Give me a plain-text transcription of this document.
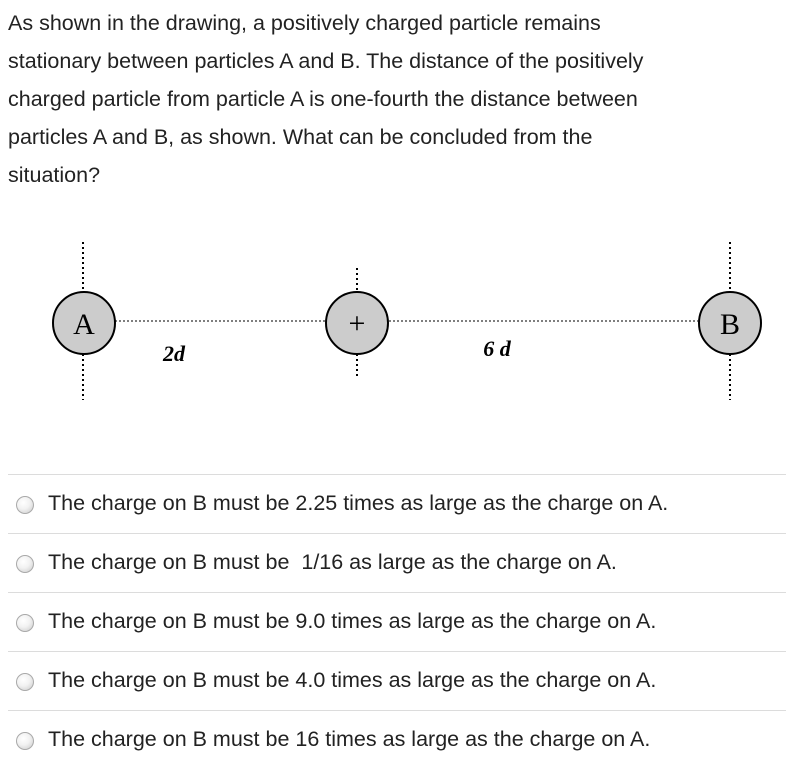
As shown in the drawing, a positively charged particle remains
stationary between particles A and B. The distance of the positively
charged particle from particle A is one-fourth the distance between
particles A and B, as shown. What can be concluded from the
situation?
A	+	B
2d	6 d
The charge on B must be 2.25 times as large as the charge on A.
The charge on B must be  1/16 as large as the charge on A.
The charge on B must be 9.0 times as large as the charge on A.
The charge on B must be 4.0 times as large as the charge on A.
The charge on B must be 16 times as large as the charge on A.
